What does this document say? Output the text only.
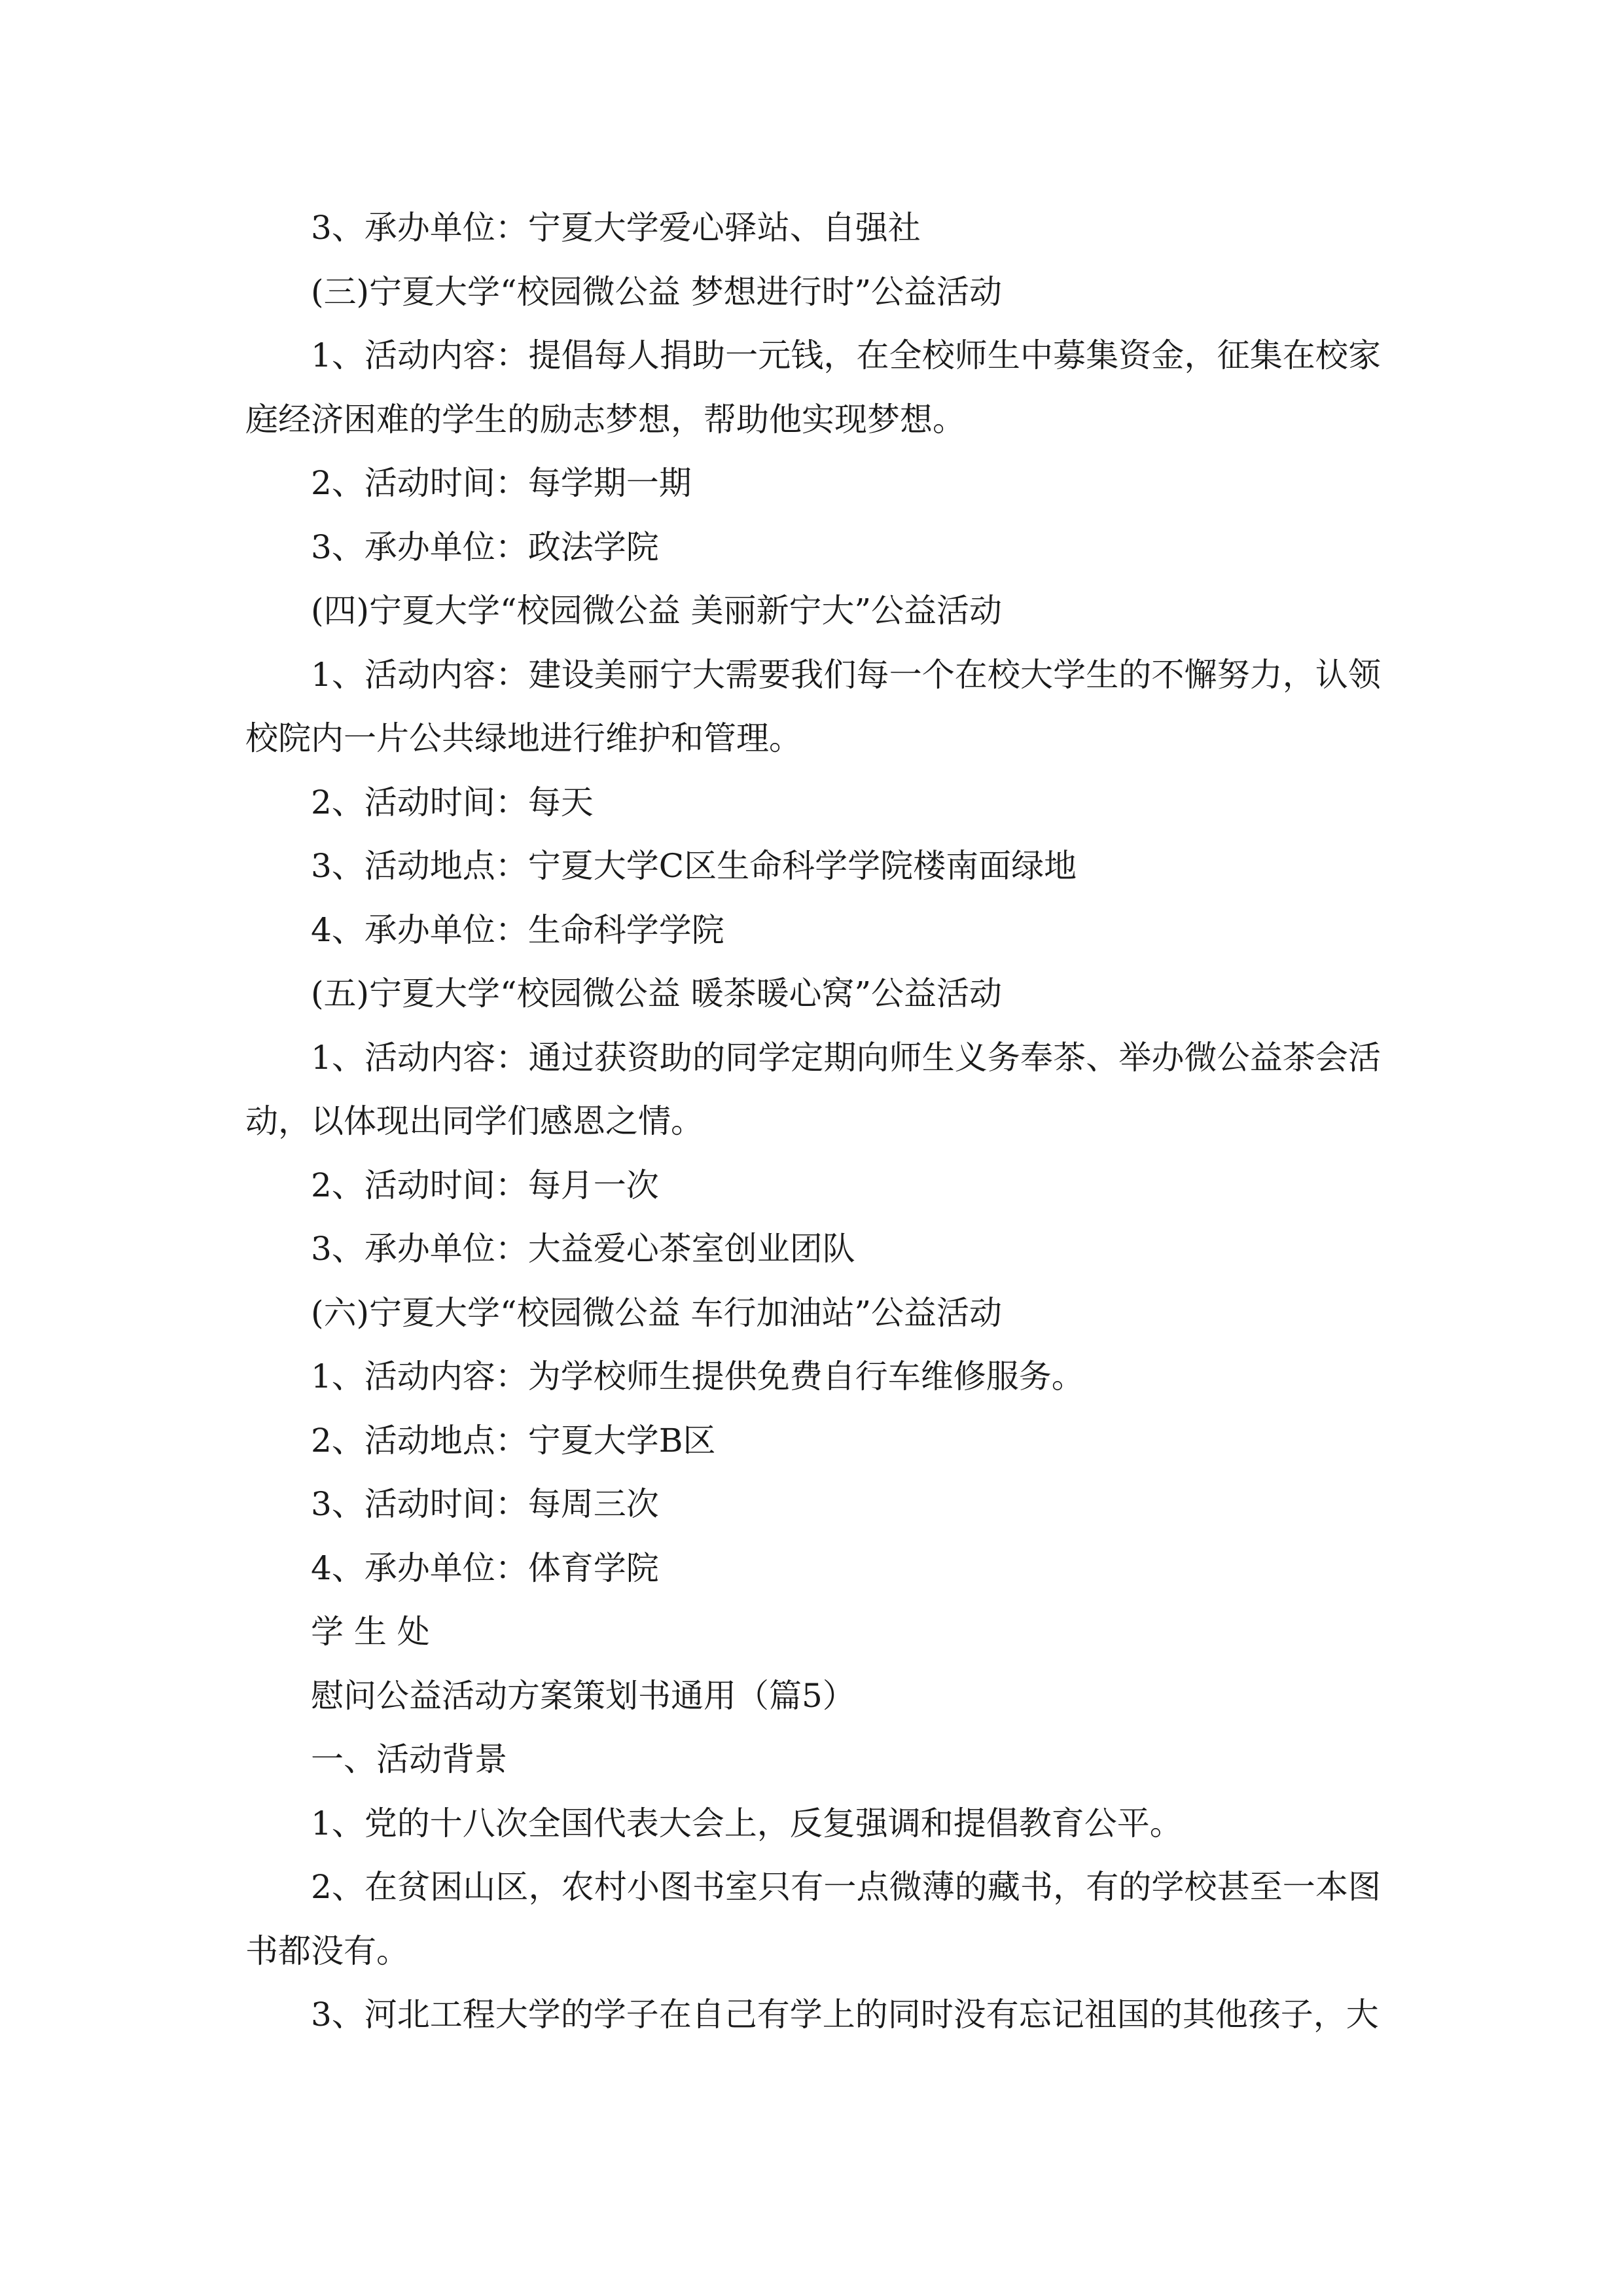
3、承办单位：宁夏大学爱心驿站、自强社

(三)宁夏大学“校园微公益 梦想进行时”公益活动

1、活动内容：提倡每人捐助一元钱，在全校师生中募集资金，征集在校家庭经济困难的学生的励志梦想，帮助他实现梦想。

2、活动时间：每学期一期

3、承办单位：政法学院

(四)宁夏大学“校园微公益 美丽新宁大”公益活动

1、活动内容：建设美丽宁大需要我们每一个在校大学生的不懈努力，认领校院内一片公共绿地进行维护和管理。

2、活动时间：每天

3、活动地点：宁夏大学C区生命科学学院楼南面绿地

4、承办单位：生命科学学院

(五)宁夏大学“校园微公益 暖茶暖心窝”公益活动

1、活动内容：通过获资助的同学定期向师生义务奉茶、举办微公益茶会活动，以体现出同学们感恩之情。

2、活动时间：每月一次

3、承办单位：大益爱心茶室创业团队

(六)宁夏大学“校园微公益 车行加油站”公益活动

1、活动内容：为学校师生提供免费自行车维修服务。

2、活动地点：宁夏大学B区

3、活动时间：每周三次

4、承办单位：体育学院

学 生 处

慰问公益活动方案策划书通用（篇5）

一、活动背景

1、党的十八次全国代表大会上，反复强调和提倡教育公平。

2、在贫困山区，农村小图书室只有一点微薄的藏书，有的学校甚至一本图书都没有。

3、河北工程大学的学子在自己有学上的同时没有忘记祖国的其他孩子，大
